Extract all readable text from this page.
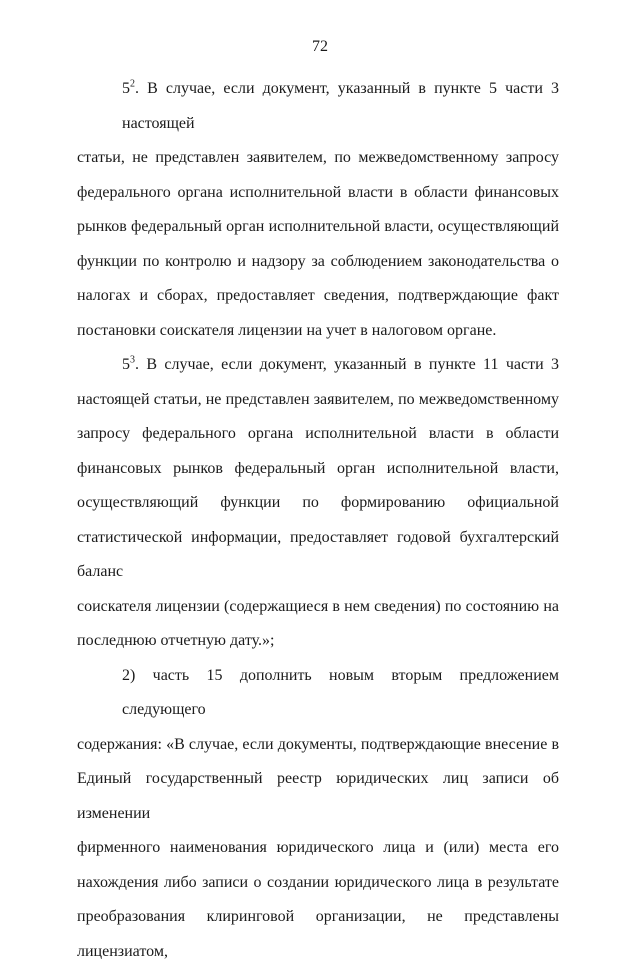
72
$5^2$. В случае, если документ, указанный в пункте 5 части 3 настоящей
статьи, не представлен заявителем, по межведомственному запросу
федерального органа исполнительной власти в области финансовых
рынков федеральный орган исполнительной власти, осуществляющий
функции по контролю и надзору за соблюдением законодательства о
налогах и сборах, предоставляет сведения, подтверждающие факт
постановки соискателя лицензии на учет в налоговом органе.
$5^3$. В случае, если документ, указанный в пункте 11 части 3
настоящей статьи, не представлен заявителем, по межведомственному
запросу федерального органа исполнительной власти в области
финансовых рынков федеральный орган исполнительной власти,
осуществляющий функции по формированию официальной
статистической информации, предоставляет годовой бухгалтерский баланс
соискателя лицензии (содержащиеся в нем сведения) по состоянию на
последнюю отчетную дату.»;
2) часть 15 дополнить новым вторым предложением следующего
содержания: «В случае, если документы, подтверждающие внесение в
Единый государственный реестр юридических лиц записи об изменении
фирменного наименования юридического лица и (или) места его
нахождения либо записи о создании юридического лица в результате
преобразования клиринговой организации, не представлены лицензиатом,
